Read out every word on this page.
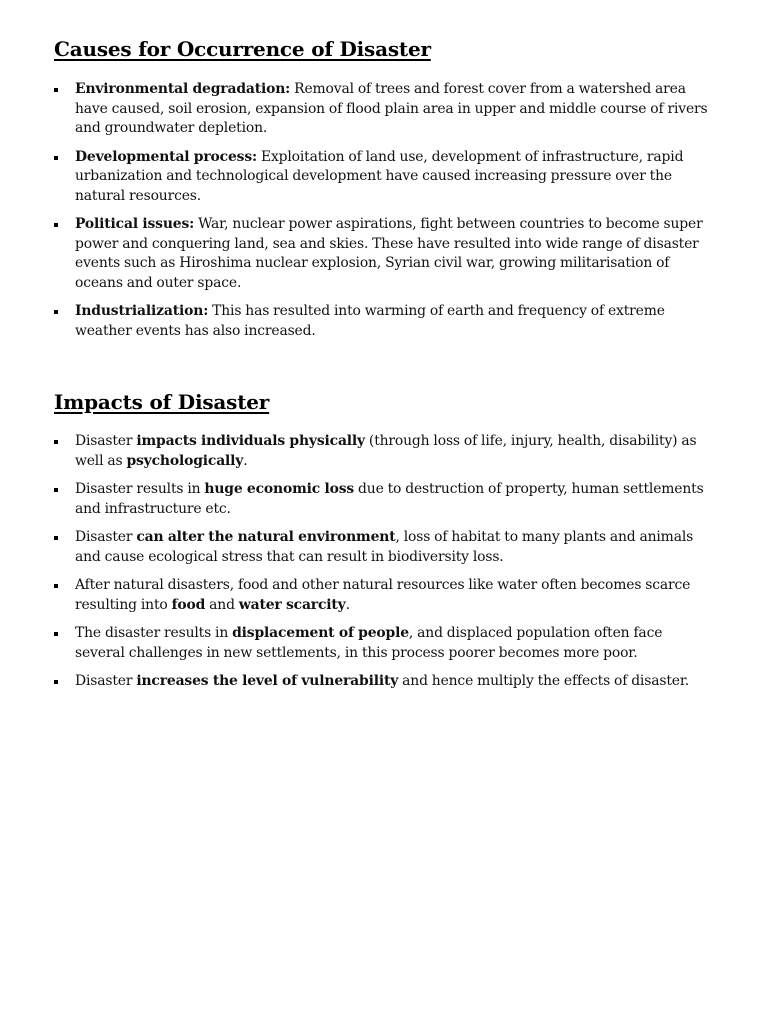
Causes for Occurrence of Disaster
Environmental degradation: Removal of trees and forest cover from a watershed area have caused, soil erosion, expansion of flood plain area in upper and middle course of rivers and groundwater depletion.
Developmental process: Exploitation of land use, development of infrastructure, rapid urbanization and technological development have caused increasing pressure over the natural resources.
Political issues: War, nuclear power aspirations, fight between countries to become super power and conquering land, sea and skies. These have resulted into wide range of disaster events such as Hiroshima nuclear explosion, Syrian civil war, growing militarisation of oceans and outer space.
Industrialization: This has resulted into warming of earth and frequency of extreme weather events has also increased.
Impacts of Disaster
Disaster impacts individuals physically (through loss of life, injury, health, disability) as well as psychologically.
Disaster results in huge economic loss due to destruction of property, human settlements and infrastructure etc.
Disaster can alter the natural environment, loss of habitat to many plants and animals and cause ecological stress that can result in biodiversity loss.
After natural disasters, food and other natural resources like water often becomes scarce resulting into food and water scarcity.
The disaster results in displacement of people, and displaced population often face several challenges in new settlements, in this process poorer becomes more poor.
Disaster increases the level of vulnerability and hence multiply the effects of disaster.
